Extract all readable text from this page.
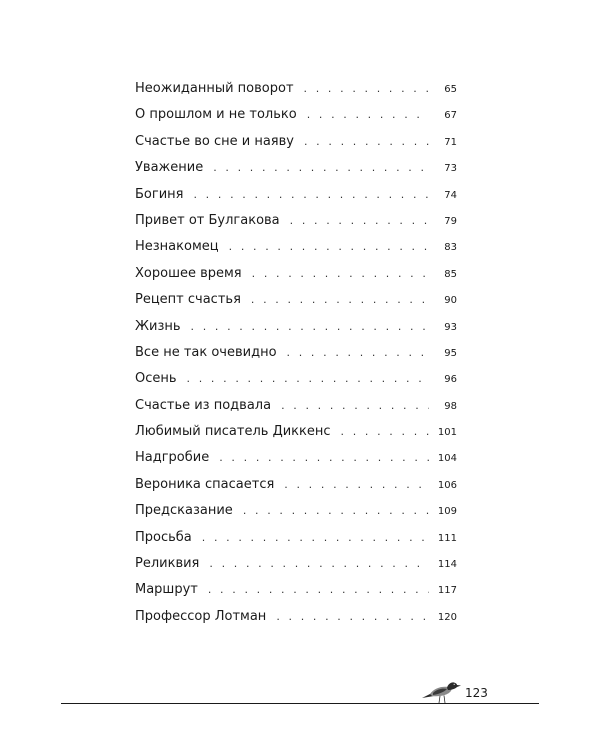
Неожиданный поворот . . .	65
О прошлом и не только . . .	67
Счастье во сне и наяву . . .	71
Уважение . . .	73
Богиня . . .	74
Привет от Булгакова . . .	79
Незнакомец . . .	83
Хорошее время . . .	85
Рецепт счастья . . .	90
Жизнь . . .	93
Все не так очевидно . . .	95
Осень . . .	96
Счастье из подвала . . .	98
Любимый писатель Диккенс . . .	101
Надгробие . . .	104
Вероника спасается . . .	106
Предсказание . . .	109
Просьба . . .	111
Реликвия . . .	114
Маршрут . . .	117
Профессор Лотман . . .	120
123
